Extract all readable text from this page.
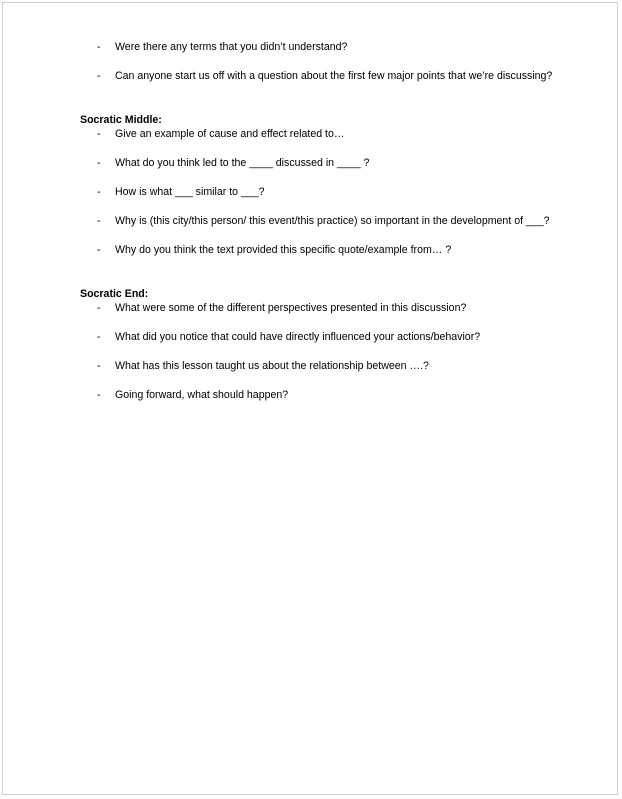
- Were there any terms that you didn’t understand?
- Can anyone start us off with a question about the first few major points that we’re discussing?
Socratic Middle:
- Give an example of cause and effect related to…
- What do you think led to the ____ discussed in ____ ?
- How is what ___ similar to ___?
- Why is (this city/this person/ this event/this practice) so important in the development of ___?
- Why do you think the text provided this specific quote/example from… ?
Socratic End:
- What were some of the different perspectives presented in this discussion?
- What did you notice that could have directly influenced your actions/behavior?
- What has this lesson taught us about the relationship between ….?
- Going forward, what should happen?
